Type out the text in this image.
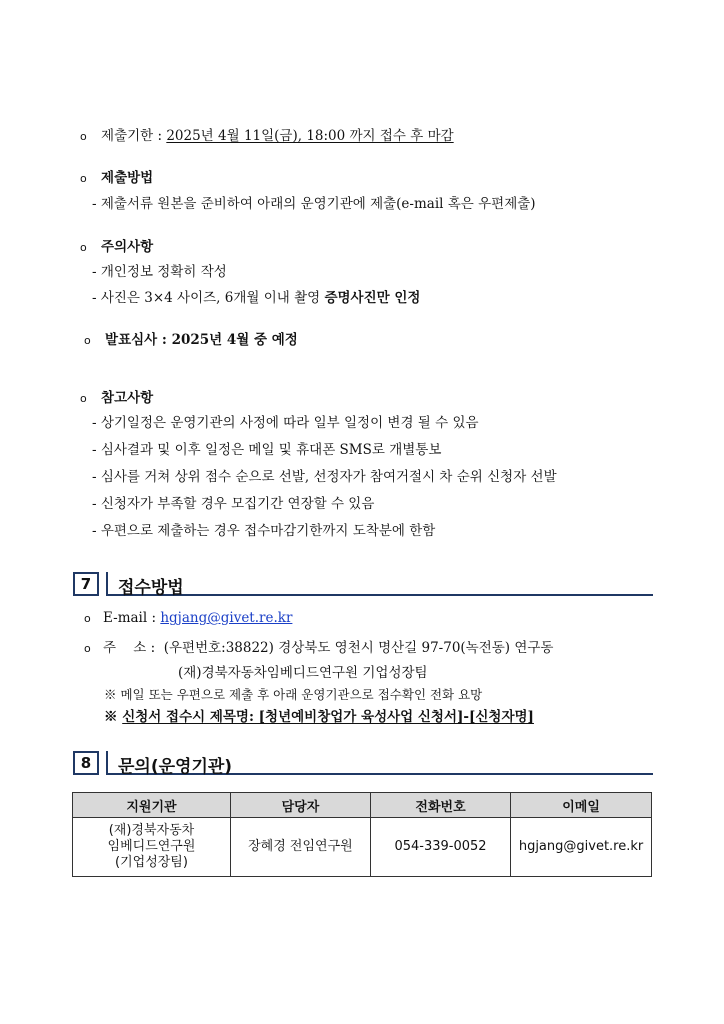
o 제출기한 : 2025년 4월 11일(금), 18:00 까지 접수 후 마감
o 제출방법
- 제출서류 원본을 준비하여 아래의 운영기관에 제출(e-mail 혹은 우편제출)
o 주의사항
- 개인정보 정확히 작성
- 사진은 3×4 사이즈, 6개월 이내 촬영 증명사진만 인정
o 발표심사 : 2025년 4월 중 예정
o 참고사항
- 상기일정은 운영기관의 사정에 따라 일부 일정이 변경 될 수 있음
- 심사결과 및 이후 일정은 메일 및 휴대폰 SMS로 개별통보
- 심사를 거쳐 상위 점수 순으로 선발, 선정자가 참여거절시 차 순위 신청자 선발
- 신청자가 부족할 경우 모집기간 연장할 수 있음
- 우편으로 제출하는 경우 접수마감기한까지 도착분에 한함
7	접수방법
o E-mail : hgjang@givet.re.kr
o 주    소 :  (우편번호:38822) 경상북도 영천시 명산길 97-70(녹전동) 연구동
(재)경북자동차임베디드연구원 기업성장팀
※ 메일 또는 우편으로 제출 후 아래 운영기관으로 접수확인 전화 요망
※ 신청서 접수시 제목명: [청년예비창업가 육성사업 신청서]-[신청자명]
8	문의(운영기관)
지원기관	담당자	전화번호	이메일

(재)경북자동차
임베디드연구원
(기업성장팀)	장혜경 전임연구원	054-339-0052	hgjang@givet.re.kr
